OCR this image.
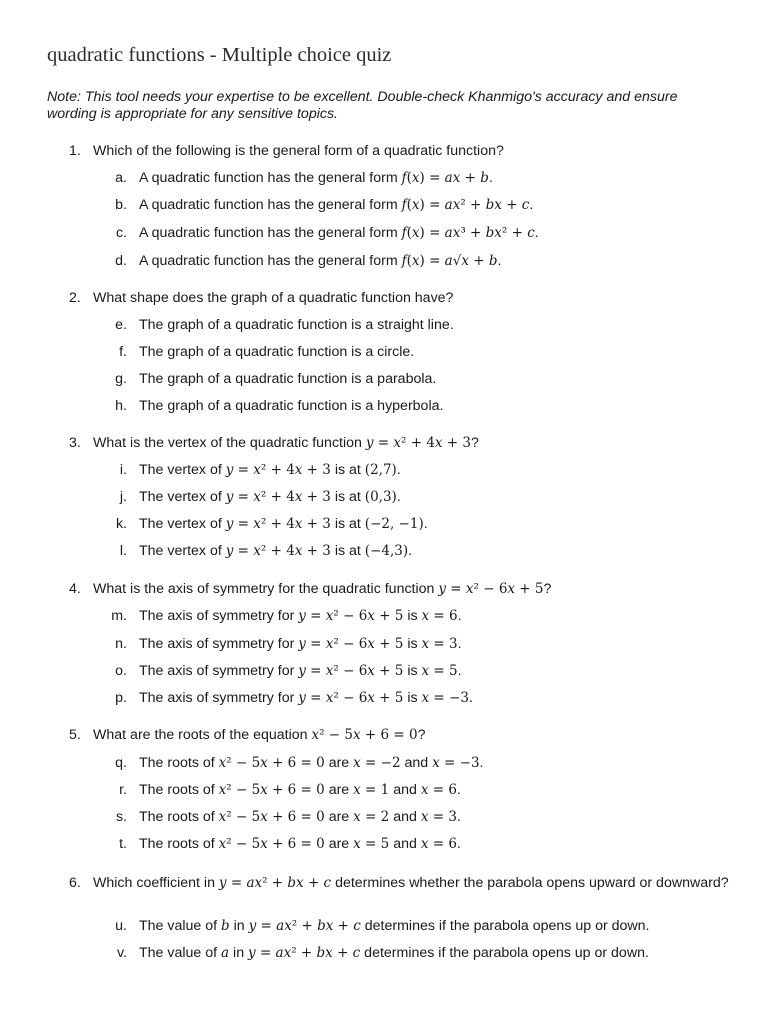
quadratic functions - Multiple choice quiz
Note: This tool needs your expertise to be excellent. Double-check Khanmigo's accuracy and ensure wording is appropriate for any sensitive topics.
1. Which of the following is the general form of a quadratic function?
a. A quadratic function has the general form 𝑓(𝑥) = 𝑎𝑥 + 𝑏.
b. A quadratic function has the general form 𝑓(𝑥) = 𝑎𝑥² + 𝑏𝑥 + 𝑐.
c. A quadratic function has the general form 𝑓(𝑥) = 𝑎𝑥³ + 𝑏𝑥² + 𝑐.
d. A quadratic function has the general form 𝑓(𝑥) = 𝑎√𝑥 + 𝑏.
2. What shape does the graph of a quadratic function have?
e. The graph of a quadratic function is a straight line.
f. The graph of a quadratic function is a circle.
g. The graph of a quadratic function is a parabola.
h. The graph of a quadratic function is a hyperbola.
3. What is the vertex of the quadratic function 𝑦 = 𝑥² + 4𝑥 + 3?
i. The vertex of 𝑦 = 𝑥² + 4𝑥 + 3 is at (2,7).
j. The vertex of 𝑦 = 𝑥² + 4𝑥 + 3 is at (0,3).
k. The vertex of 𝑦 = 𝑥² + 4𝑥 + 3 is at (−2, −1).
l. The vertex of 𝑦 = 𝑥² + 4𝑥 + 3 is at (−4,3).
4. What is the axis of symmetry for the quadratic function 𝑦 = 𝑥² − 6𝑥 + 5?
m. The axis of symmetry for 𝑦 = 𝑥² − 6𝑥 + 5 is 𝑥 = 6.
n. The axis of symmetry for 𝑦 = 𝑥² − 6𝑥 + 5 is 𝑥 = 3.
o. The axis of symmetry for 𝑦 = 𝑥² − 6𝑥 + 5 is 𝑥 = 5.
p. The axis of symmetry for 𝑦 = 𝑥² − 6𝑥 + 5 is 𝑥 = −3.
5. What are the roots of the equation 𝑥² − 5𝑥 + 6 = 0?
q. The roots of 𝑥² − 5𝑥 + 6 = 0 are 𝑥 = −2 and 𝑥 = −3.
r. The roots of 𝑥² − 5𝑥 + 6 = 0 are 𝑥 = 1 and 𝑥 = 6.
s. The roots of 𝑥² − 5𝑥 + 6 = 0 are 𝑥 = 2 and 𝑥 = 3.
t. The roots of 𝑥² − 5𝑥 + 6 = 0 are 𝑥 = 5 and 𝑥 = 6.
6. Which coefficient in 𝑦 = 𝑎𝑥² + 𝑏𝑥 + 𝑐 determines whether the parabola opens upward or downward?
u. The value of 𝑏 in 𝑦 = 𝑎𝑥² + 𝑏𝑥 + 𝑐 determines if the parabola opens up or down.
v. The value of 𝑎 in 𝑦 = 𝑎𝑥² + 𝑏𝑥 + 𝑐 determines if the parabola opens up or down.
